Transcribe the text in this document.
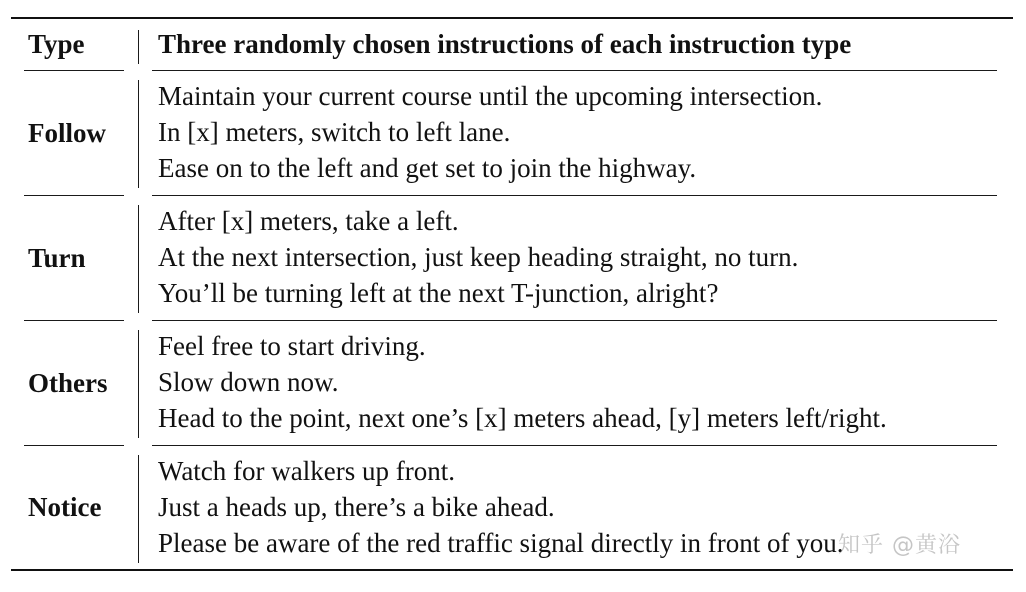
Type	Three randomly chosen instructions of each instruction type
Follow
Maintain your current course until the upcoming intersection.
In [x] meters, switch to left lane.
Ease on to the left and get set to join the highway.
Turn
After [x] meters, take a left.
At the next intersection, just keep heading straight, no turn.
You’ll be turning left at the next T-junction, alright?
Others
Feel free to start driving.
Slow down now.
Head to the point, next one’s [x] meters ahead, [y] meters left/right.
Notice
Watch for walkers up front.
Just a heads up, there’s a bike ahead.
Please be aware of the red traffic signal directly in front of you.
知乎 @黄浴
